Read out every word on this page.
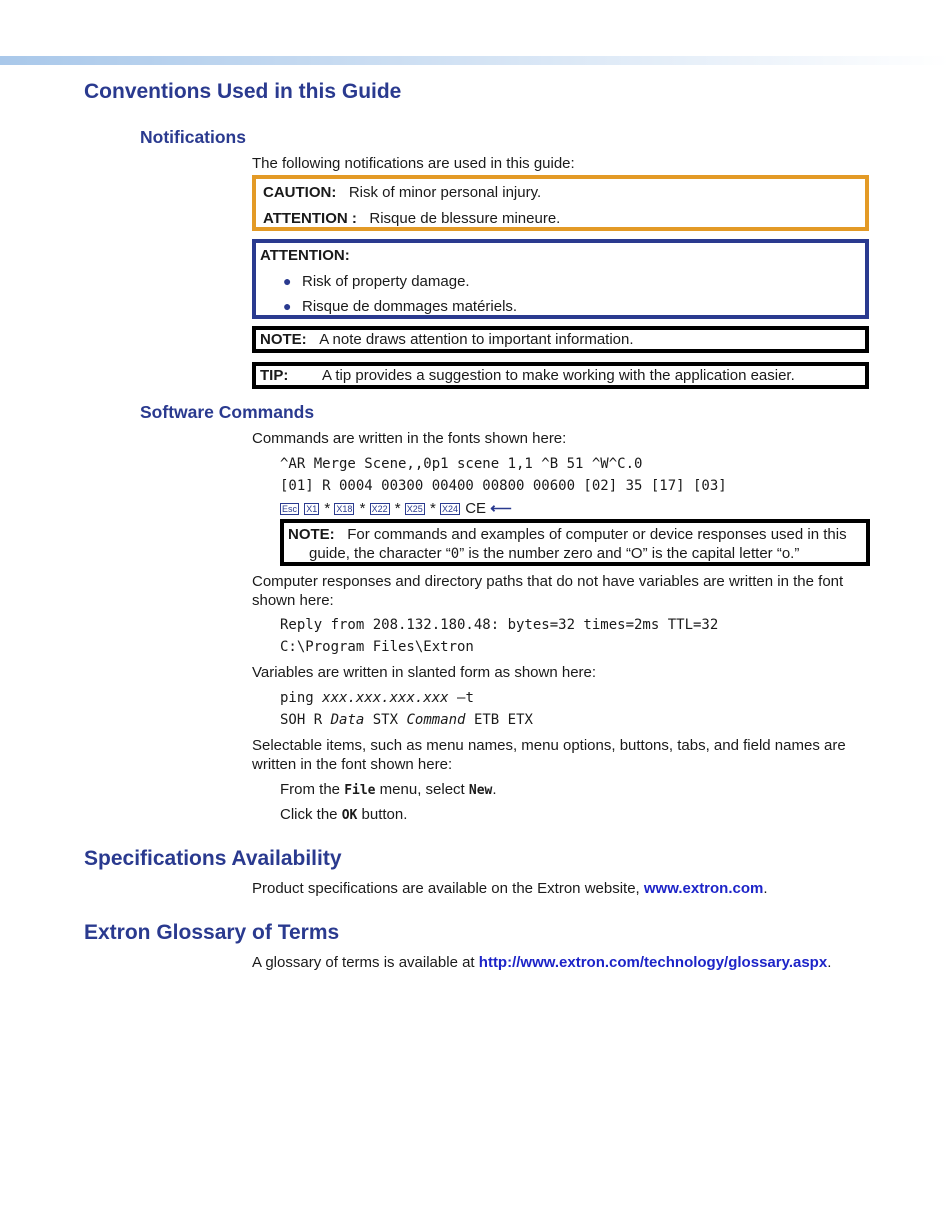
Conventions Used in this Guide
Notifications
The following notifications are used in this guide:
CAUTION: Risk of minor personal injury.
ATTENTION : Risque de blessure mineure.
ATTENTION:
● Risk of property damage.
● Risque de dommages matériels.
NOTE: A note draws attention to important information.
TIP: A tip provides a suggestion to make working with the application easier.
Software Commands
Commands are written in the fonts shown here:
^AR Merge Scene,,0p1 scene 1,1 ^B 51 ^W^C.0
[01] R 0004 00300 00400 00800 00600 [02] 35 [17] [03]
Esc X1 * X18 * X22 * X25 * X24 CE ⟵
NOTE: For commands and examples of computer or device responses used in this
guide, the character “0” is the number zero and “O” is the capital letter “o.”
Computer responses and directory paths that do not have variables are written in the font
shown here:
Reply from 208.132.180.48: bytes=32 times=2ms TTL=32
C:\Program Files\Extron
Variables are written in slanted form as shown here:
ping xxx.xxx.xxx.xxx —t
SOH R Data STX Command ETB ETX
Selectable items, such as menu names, menu options, buttons, tabs, and field names are
written in the font shown here:
From the File menu, select New.
Click the OK button.
Specifications Availability
Product specifications are available on the Extron website, www.extron.com.
Extron Glossary of Terms
A glossary of terms is available at http://www.extron.com/technology/glossary.aspx.
